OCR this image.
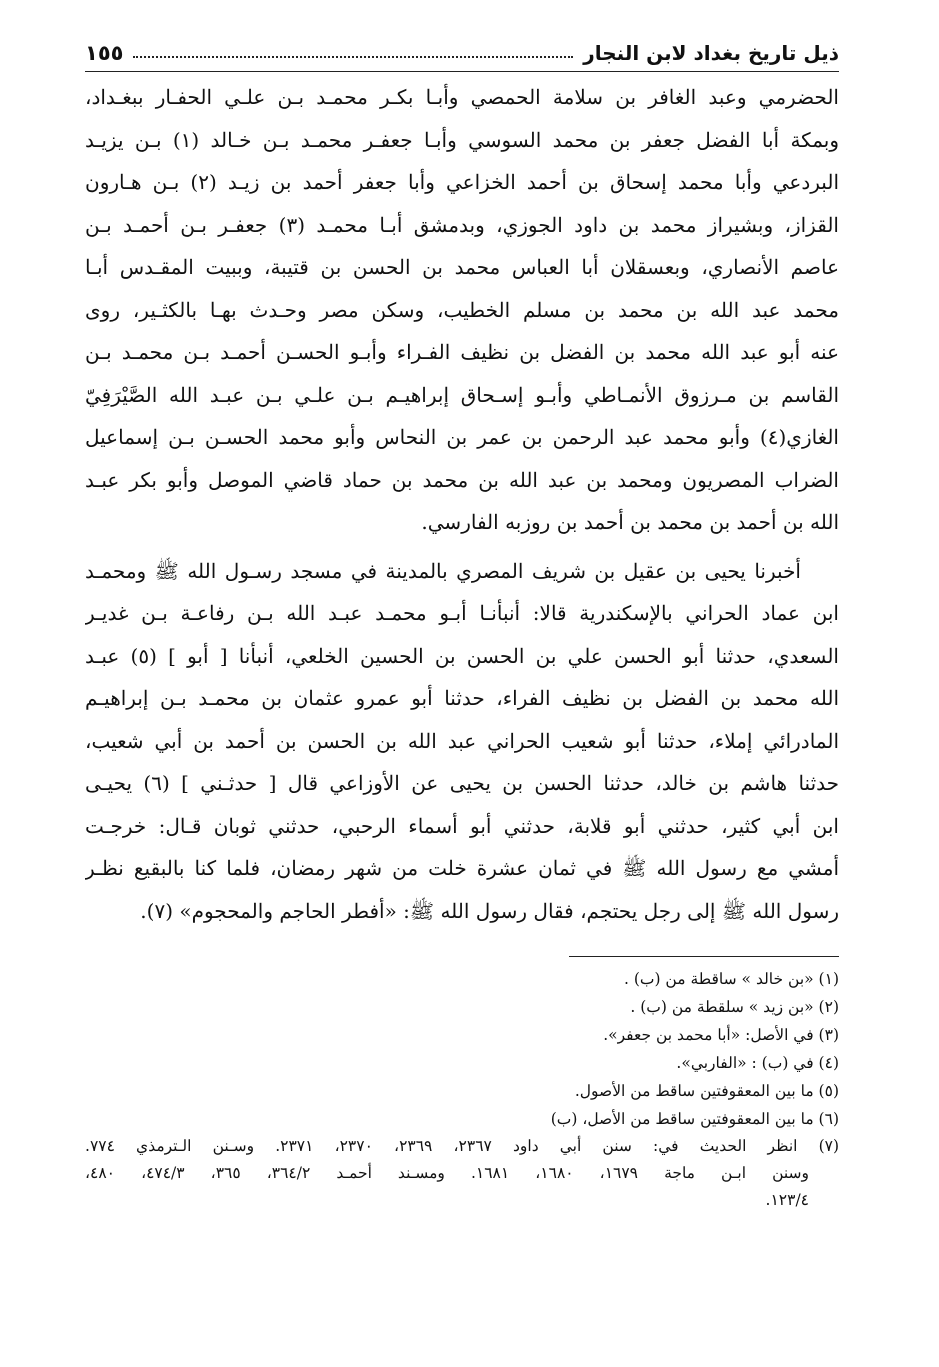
ذيل تاريخ بغداد لابن النجار
١٥٥
الحضرمي وعبد الغافر بن سلامة الحمصي وأبـا بكـر محمـد بـن علـي الحفـار ببغـداد،
وبمكة أبا الفضل جعفر بن محمد السوسي وأبـا جعفـر محمـد بـن خـالد (١) بـن يزيـد
البردعي وأبا محمد إسحاق بن أحمد الخزاعي وأبا جعفر أحمد بن زيـد (٢) بـن هـارون
القزاز، وبشيراز محمد بن داود الجوزي، وبدمشق أبـا محمـد (٣) جعفـر بـن أحمـد بـن
عاصم الأنصاري، وبعسقلان أبا العباس محمد بن الحسن بن قتيبة، وببيت المقـدس أبـا
محمد عبد الله بن محمد بن مسلم الخطيب، وسكن مصر وحـدث بهـا بالكثـير، روى
عنه أبو عبد الله محمد بن الفضل بن نظيف الفـراء وأبـو الحسـن أحمـد بـن محمـد بـن
القاسم بن مـرزوق الأنمـاطي وأبـو إسـحاق إبراهيـم بـن علـي بـن عبـد الله الصَّيْرَفِيّ
الغازي(٤) وأبو محمد عبد الرحمن بن عمر بن النحاس وأبو محمد الحسـن بـن إسماعيل
الضراب المصريون ومحمد بن عبد الله بن محمد بن حماد قاضي الموصل وأبو بكر عبـد
الله بن أحمد بن محمد بن أحمد بن روزبه الفارسي.
أخبرنا يحيى بن عقيل بن شريف المصري بالمدينة في مسجد رسـول الله ﷺ ومحمـد
ابن عماد الحراني بالإسكندرية قالا: أنبأنـا أبـو محمـد عبـد الله بـن رفاعـة بـن غديـر
السعدي، حدثنا أبو الحسن علي بن الحسن بن الحسين الخلعي، أنبأنا [ أبو ] (٥) عبـد
الله محمد بن الفضل بن نظيف الفراء، حدثنا أبو عمرو عثمان بن محمـد بـن إبراهيـم
المادرائي إملاء، حدثنا أبو شعيب الحراني عبد الله بن الحسن بن أحمد بن أبي شعيب،
حدثنا هاشم بن خالد، حدثنا الحسن بن يحيى عن الأوزاعي قال [ حدثـني ] (٦) يحيـى
ابن أبي كثير، حدثني أبو قلابة، حدثني أبو أسماء الرحبي، حدثني ثوبان قـال: خرجـت
أمشي مع رسول الله ﷺ في ثمان عشرة خلت من شهر رمضان، فلما كنا بالبقيع نظـر
رسول الله ﷺ إلى رجل يحتجم، فقال رسول الله ﷺ: «أفطر الحاجم والمحجوم» (٧).
(١) «بن خالد » ساقطة من (ب) .
(٢) «بن زيد » سلقطة من (ب) .
(٣) في الأصل: «أبا محمد بن جعفر».
(٤) في (ب) : «الفاربي».
(٥) ما بين المعقوفتين ساقط من الأصول.
(٦) ما بين المعقوفتين ساقط من الأصل، (ب)
(٧) انظر الحديث في: سنن أبي داود ٢٣٦٧، ٢٣٦٩، ٢٣٧٠، ٢٣٧١. وسـنن الـترمذي ٧٧٤.
وسنن ابـن ماجة ١٦٧٩، ١٦٨٠، ١٦٨١. ومسـند أحمـد ٣٦٤/٢، ٣٦٥، ٤٧٤/٣، ٤٨٠،
١٢٣/٤.
